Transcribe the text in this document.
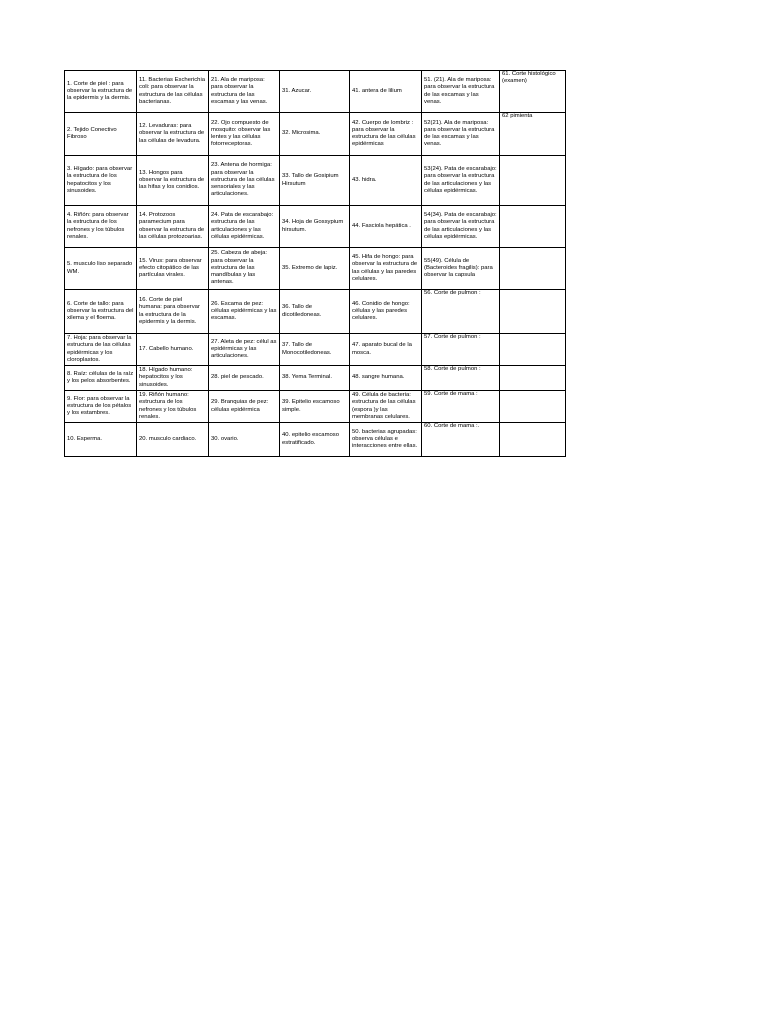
1. Corte de piel : para observar la estructura de la epidermis y la dermis.	11. Bacterias Escherichia coli: para observar la estructura de las células bacterianas.	21. Ala de mariposa: para observar la estructura de las escamas y las venas.	31. Azucar.	41. antera de lilium	51. (21). Ala de mariposa: para observar la estructura de las escamas y las venas.	61. Corte histológico (examen)
2. Tejido Conectivo Fibroso	12. Levaduras: para observar la estructura de las células de levadura.	22. Ojo compuesto de mosquito: observar las lentes y las células fotorreceptoras.	32. Microsima.	42. Cuerpo de lombriz : para observar la estructura de las células epidérmicas	52(21). Ala de mariposa: para observar la estructura de las escamas y las venas.	62 pimienta
3. Hígado: para observar la estructura de los hepatocitos y los sinusoides.	13. Hongos para observar la estructura de las hifas y los conidios.	23. Antena de hormiga: para observar la estructura de las células sensoriales y las articulaciones.	33. Tallo de Gosipium Hirsutum	43. hidra.	53(24). Pata de escarabajo: para observar la estructura de las articulaciones y las células epidérmicas.	
4. Riñón: para observar la estructura de los nefrones y los túbulos renales.	14. Protozoos paramecium para observar la estructura de las células protozoarias.	24. Pata de escarabajo: estructura de las articulaciones y las células epidérmicas.	34. Hoja de Gossypium hirsutum.	44. Fasciola hepática .	54(34). Pata de escarabajo: para observar la estructura de las articulaciones y las células epidérmicas.	
5. musculo liso separado WM.	15. Virus: para observar efecto citopático de las partículas virales.	25. Cabeza de abeja: para observar la estructura de las mandíbulas y las antenas.	35. Extremo de lapiz.	45. Hifa de hongo: para observar la estructura de las células y las paredes celulares.	55(49). Célula de (Bacteroides fragilis): para observar la capsula	
6. Corte de tallo: para observar la estructura del xilema y el floema.	16. Corte de piel humana: para observar la estructura de la epidermis y la dermis.	26. Escama de pez: células epidérmicas y las escamas.	36. Tallo de dicotiledoneas.	46. Conidio de hongo: células y las paredes celulares.	56. Corte de pulmon :	
7. Hoja: para observar la estructura de las células epidérmicas y los cloroplastos.	17. Cabello humano.	27. Aleta de pez: célul as epidérmicas y las articulaciones.	37. Tallo de Monocotiledoneas.	47. aparato bucal de la mosca.	57. Corte de pulmon :	
8. Raíz: células de la raíz y los pelos absorbentes.	18. Hígado humano: hepatocitos y los sinusoides.	28. piel de pescado.	38. Yema Terminal.	48. sangre humana.	58. Corte de pulmon :	
9. Flor: para observar la estructura de los pétalos y los estambres.	19. Riñón humano: estructura de los nefrones y los túbulos renales.	29. Branquias de pez: células epidérmica	39. Epitelio escamoso simple.	49. Célula de bacteria: estructura de las células (espora )y las membranas celulares.	59. Corte de mama :	
10. Esperma.	20. musculo cardiaco.	30. ovario.	40. epitelio escamoso estratificado.	50. bacterias agrupadas: observa células e interacciones entre ellas.	60. Corte de mama :.	
